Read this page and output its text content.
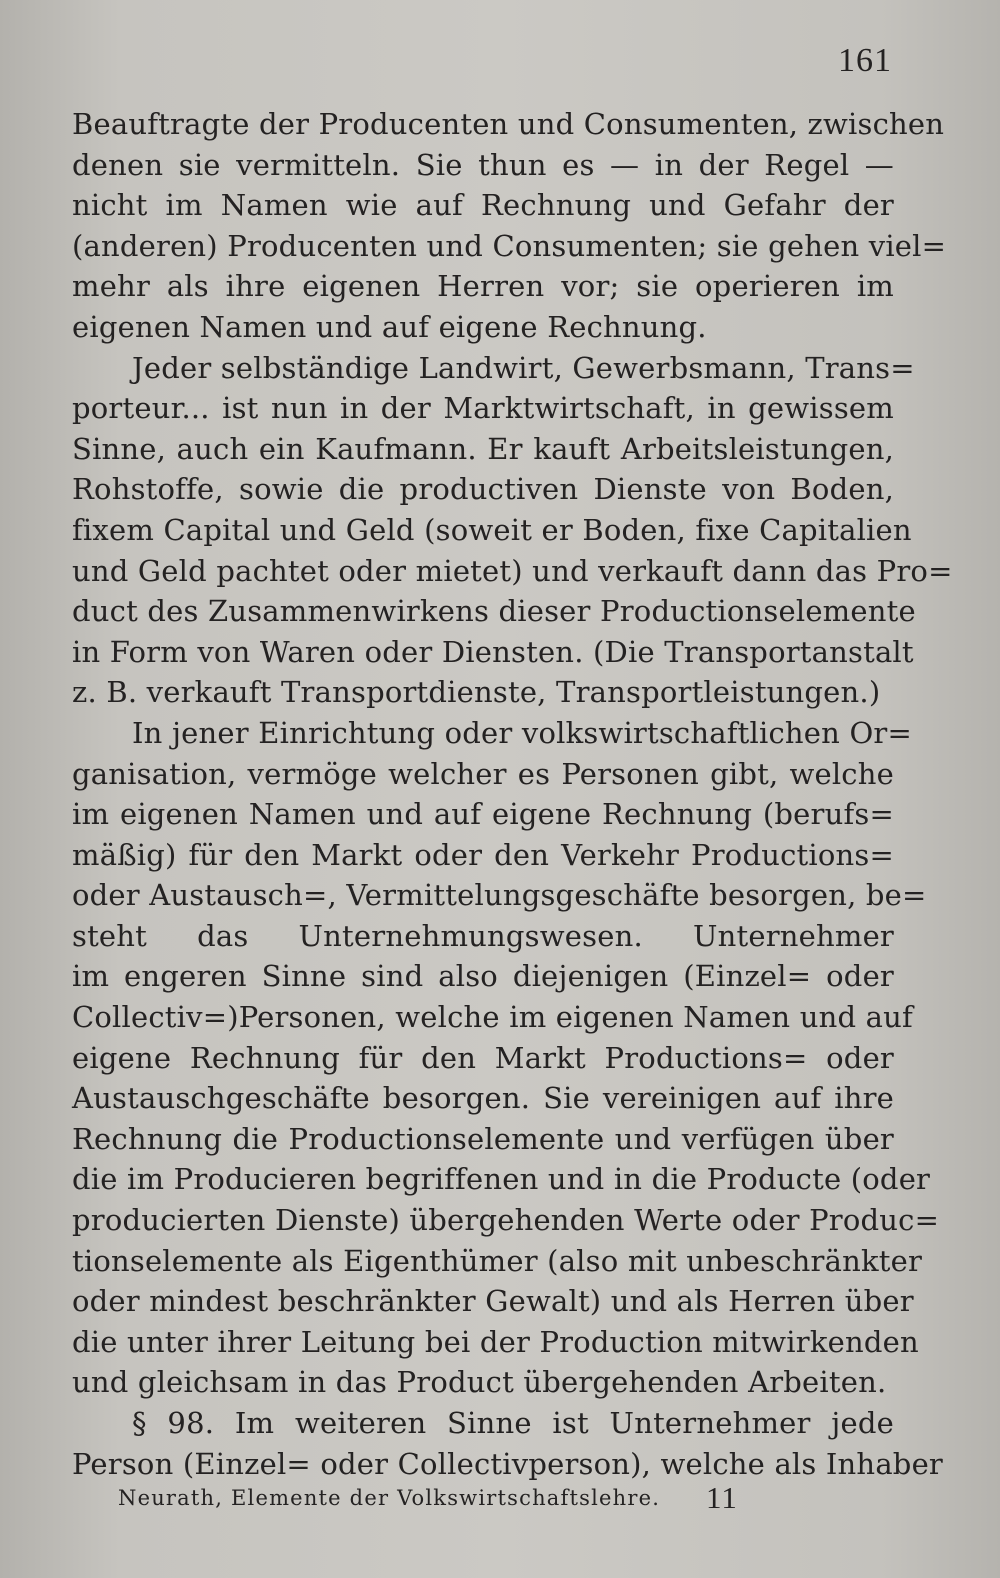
161
Beauftragte der Producenten und Consumenten, zwischen
denen sie vermitteln. Sie thun es — in der Regel —
nicht im Namen wie auf Rechnung und Gefahr der
(anderen) Producenten und Consumenten; sie gehen viel=
mehr als ihre eigenen Herren vor; sie operieren im
eigenen Namen und auf eigene Rechnung.
Jeder selbständige Landwirt, Gewerbsmann, Trans=
porteur... ist nun in der Marktwirtschaft, in gewissem
Sinne, auch ein Kaufmann. Er kauft Arbeitsleistungen,
Rohstoffe, sowie die productiven Dienste von Boden,
fixem Capital und Geld (soweit er Boden, fixe Capitalien
und Geld pachtet oder mietet) und verkauft dann das Pro=
duct des Zusammenwirkens dieser Productionselemente
in Form von Waren oder Diensten. (Die Transportanstalt
z. B. verkauft Transportdienste, Transportleistungen.)
In jener Einrichtung oder volkswirtschaftlichen Or=
ganisation, vermöge welcher es Personen gibt, welche
im eigenen Namen und auf eigene Rechnung (berufs=
mäßig) für den Markt oder den Verkehr Productions=
oder Austausch=, Vermittelungsgeschäfte besorgen, be=
steht das Unternehmungswesen. Unternehmer
im engeren Sinne sind also diejenigen (Einzel= oder
Collectiv=)Personen, welche im eigenen Namen und auf
eigene Rechnung für den Markt Productions= oder
Austauschgeschäfte besorgen. Sie vereinigen auf ihre
Rechnung die Productionselemente und verfügen über
die im Producieren begriffenen und in die Producte (oder
producierten Dienste) übergehenden Werte oder Produc=
tionselemente als Eigenthümer (also mit unbeschränkter
oder mindest beschränkter Gewalt) und als Herren über
die unter ihrer Leitung bei der Production mitwirkenden
und gleichsam in das Product übergehenden Arbeiten.
§ 98. Im weiteren Sinne ist Unternehmer jede
Person (Einzel= oder Collectivperson), welche als Inhaber
Neurath, Elemente der Volkswirtschaftslehre.	11
